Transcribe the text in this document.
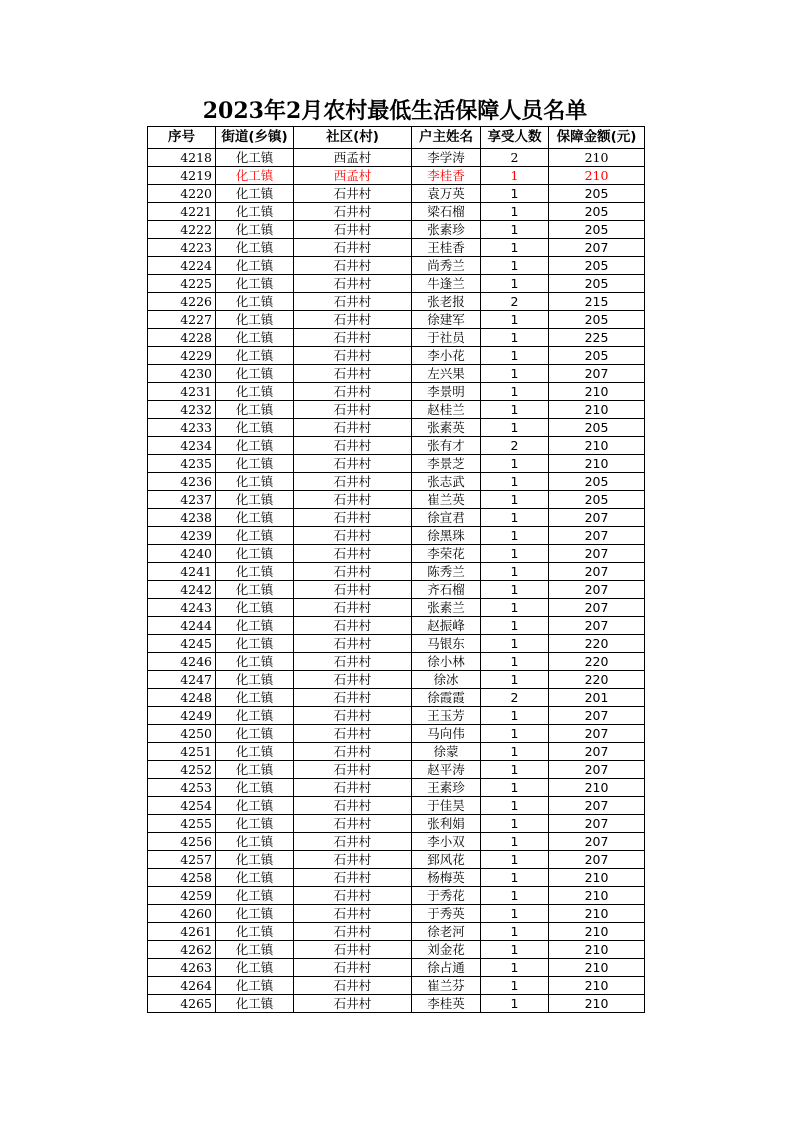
2023年2月农村最低生活保障人员名单
序号	街道(乡镇)	社区(村)	户主姓名	享受人数	保障金额(元)
4218	化工镇	西孟村	李学涛	2	210
4219	化工镇	西孟村	李桂香	1	210
4220	化工镇	石井村	袁万英	1	205
4221	化工镇	石井村	梁石榴	1	205
4222	化工镇	石井村	张素珍	1	205
4223	化工镇	石井村	王桂香	1	207
4224	化工镇	石井村	尚秀兰	1	205
4225	化工镇	石井村	牛逢兰	1	205
4226	化工镇	石井村	张老报	2	215
4227	化工镇	石井村	徐建军	1	205
4228	化工镇	石井村	于社员	1	225
4229	化工镇	石井村	李小花	1	205
4230	化工镇	石井村	左兴果	1	207
4231	化工镇	石井村	李景明	1	210
4232	化工镇	石井村	赵桂兰	1	210
4233	化工镇	石井村	张素英	1	205
4234	化工镇	石井村	张有才	2	210
4235	化工镇	石井村	李景芝	1	210
4236	化工镇	石井村	张志武	1	205
4237	化工镇	石井村	崔兰英	1	205
4238	化工镇	石井村	徐宣君	1	207
4239	化工镇	石井村	徐黑珠	1	207
4240	化工镇	石井村	李荣花	1	207
4241	化工镇	石井村	陈秀兰	1	207
4242	化工镇	石井村	齐石榴	1	207
4243	化工镇	石井村	张素兰	1	207
4244	化工镇	石井村	赵振峰	1	207
4245	化工镇	石井村	马银东	1	220
4246	化工镇	石井村	徐小林	1	220
4247	化工镇	石井村	徐冰	1	220
4248	化工镇	石井村	徐霞霞	2	201
4249	化工镇	石井村	王玉芳	1	207
4250	化工镇	石井村	马向伟	1	207
4251	化工镇	石井村	徐蒙	1	207
4252	化工镇	石井村	赵平涛	1	207
4253	化工镇	石井村	王素珍	1	210
4254	化工镇	石井村	于佳昊	1	207
4255	化工镇	石井村	张利娟	1	207
4256	化工镇	石井村	李小双	1	207
4257	化工镇	石井村	郅风花	1	207
4258	化工镇	石井村	杨梅英	1	210
4259	化工镇	石井村	于秀花	1	210
4260	化工镇	石井村	于秀英	1	210
4261	化工镇	石井村	徐老河	1	210
4262	化工镇	石井村	刘金花	1	210
4263	化工镇	石井村	徐占通	1	210
4264	化工镇	石井村	崔兰芬	1	210
4265	化工镇	石井村	李桂英	1	210
